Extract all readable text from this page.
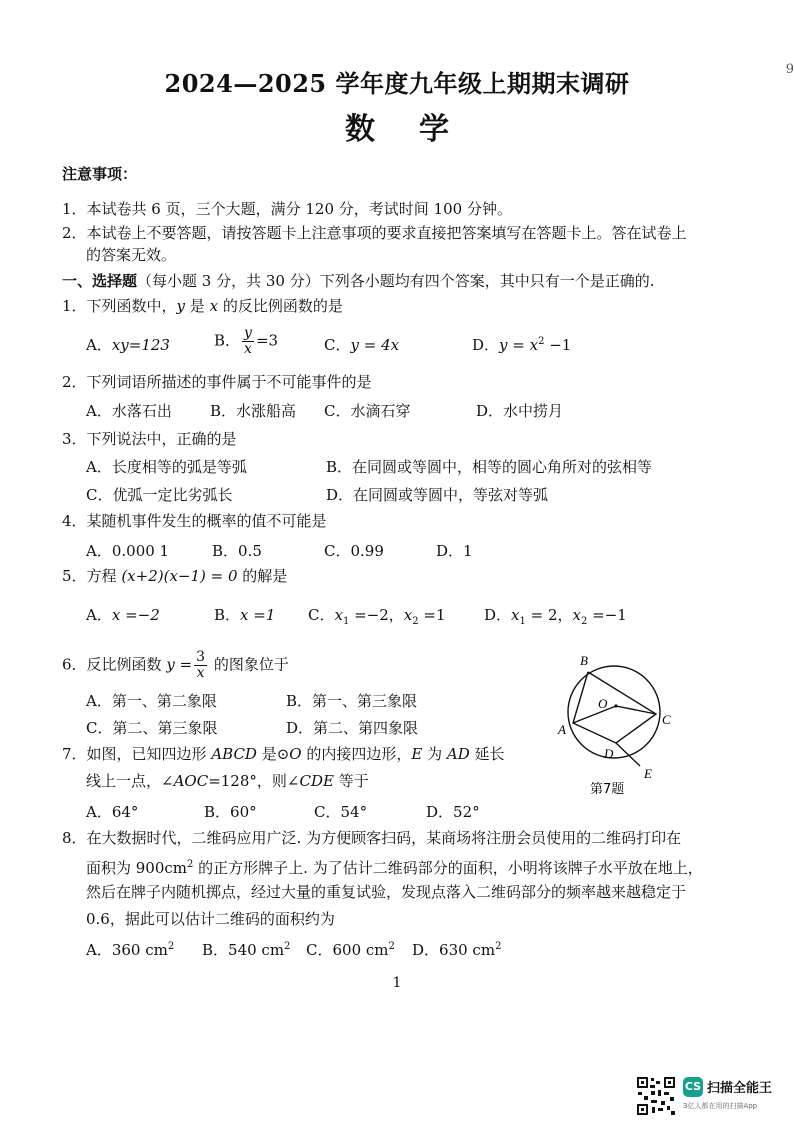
2024—2025 学年度九年级上期期末调研	9
数学
注意事项：
1．本试卷共 6 页，三个大题，满分 120 分，考试时间 100 分钟。
2．本试卷上不要答题，请按答题卡上注意事项的要求直接把答案填写在答题卡上。答在试卷上
的答案无效。
一、选择题（每小题 3 分，共 30 分）下列各小题均有四个答案，其中只有一个是正确的.
1．下列函数中，y 是 x 的反比例函数的是
A．xy=123	B． $\frac{y}{x} =3$	C．y = 4x	D．$y = x^2 -1$
2．下列词语所描述的事件属于不可能事件的是
A．水落石出	B．水涨船高 C．水滴石穿	D．水中捞月
3．下列说法中，正确的是
A．长度相等的弧是等弧	B．在同圆或等圆中，相等的圆心角所对的弦相等
C．优弧一定比劣弧长	D．在同圆或等圆中，等弦对等弧
4．某随机事件发生的概率的值不可能是
A．0.000 1	B．0.5	C．0.99	D．1
5．方程 (x+2)(x−1) = 0 的解是
A．x =−2	B．x =1 C．$x_1 =-2$，$x_2 =1$	D．$x_1 = 2$，$x_2 =-1$
6．反比例函数 $y = \frac{3}{x}$ 的图象位于
A．第一、第二象限	B．第一、第三象限
C．第二、第三象限	D．第二、第四象限
7．如图，已知四边形 ABCD 是⊙O 的内接四边形，E 为 AD 延长
线上一点，∠AOC=128°，则∠CDE 等于
A．64°	B．60°	C．54°	D．52°
B
O
A
C
D
E
第7题
8．在大数据时代，二维码应用广泛. 为方便顾客扫码，某商场将注册会员使用的二维码打印在
面积为 $900cm^2$ 的正方形牌子上. 为了估计二维码部分的面积，小明将该牌子水平放在地上，
然后在牌子内随机掷点，经过大量的重复试验，发现点落入二维码部分的频率越来越稳定于
0.6，据此可以估计二维码的面积约为
A．360 $cm^2$ B．540 $cm^2$ C．600 $cm^2$ D．630 $cm^2$
1
CS 扫描全能王
3亿人都在用的扫描App
